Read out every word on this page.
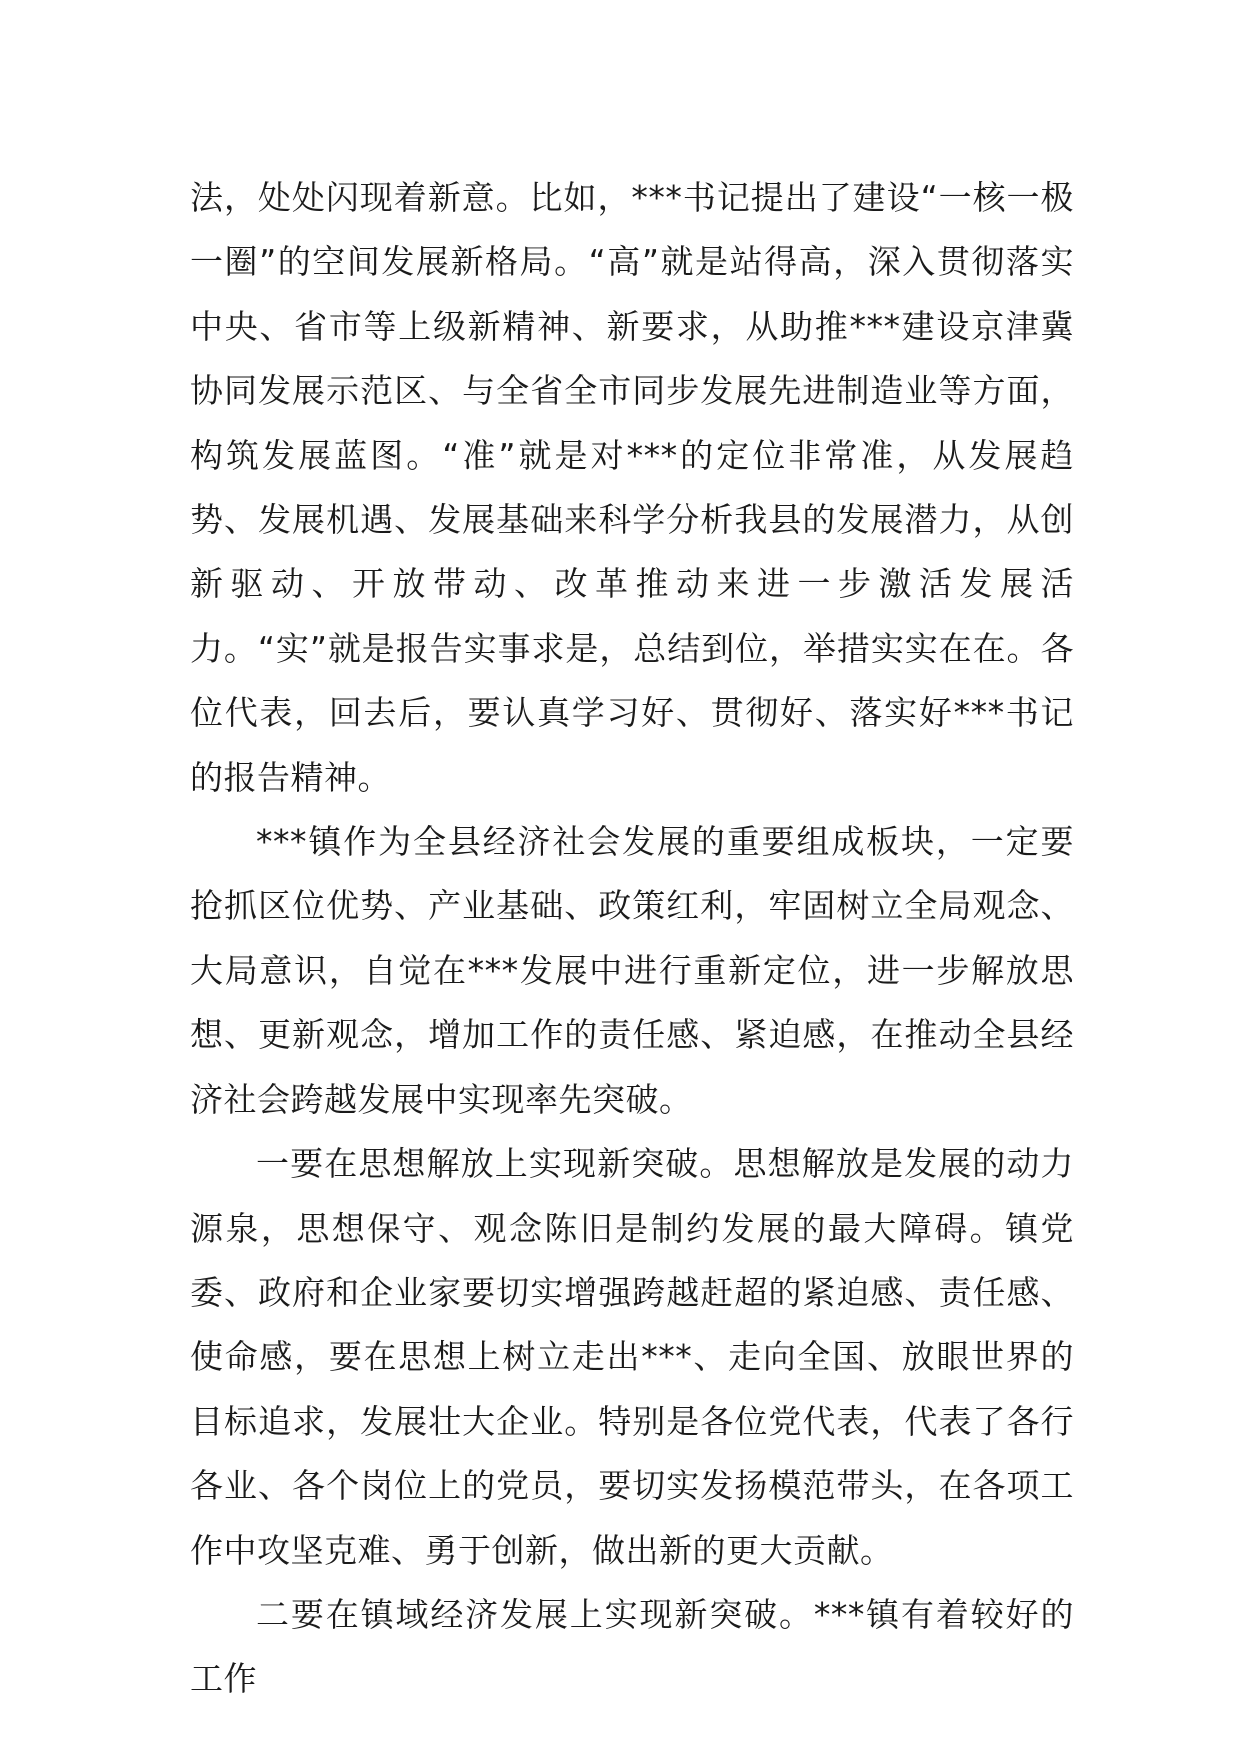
法，处处闪现着新意。比如，***书记提出了建设“一核一极一圈”的空间发展新格局。“高”就是站得高，深入贯彻落实中央、省市等上级新精神、新要求，从助推***建设京津冀协同发展示范区、与全省全市同步发展先进制造业等方面，构筑发展蓝图。“准”就是对***的定位非常准，从发展趋势、发展机遇、发展基础来科学分析我县的发展潜力，从创新驱动、开放带动、改革推动来进一步激活发展活力。“实”就是报告实事求是，总结到位，举措实实在在。各位代表，回去后，要认真学习好、贯彻好、落实好***书记的报告精神。

***镇作为全县经济社会发展的重要组成板块，一定要抢抓区位优势、产业基础、政策红利，牢固树立全局观念、大局意识，自觉在***发展中进行重新定位，进一步解放思想、更新观念，增加工作的责任感、紧迫感，在推动全县经济社会跨越发展中实现率先突破。

一要在思想解放上实现新突破。思想解放是发展的动力源泉，思想保守、观念陈旧是制约发展的最大障碍。镇党委、政府和企业家要切实增强跨越赶超的紧迫感、责任感、使命感，要在思想上树立走出***、走向全国、放眼世界的目标追求，发展壮大企业。特别是各位党代表，代表了各行各业、各个岗位上的党员，要切实发扬模范带头，在各项工作中攻坚克难、勇于创新，做出新的更大贡献。

二要在镇域经济发展上实现新突破。***镇有着较好的工作
